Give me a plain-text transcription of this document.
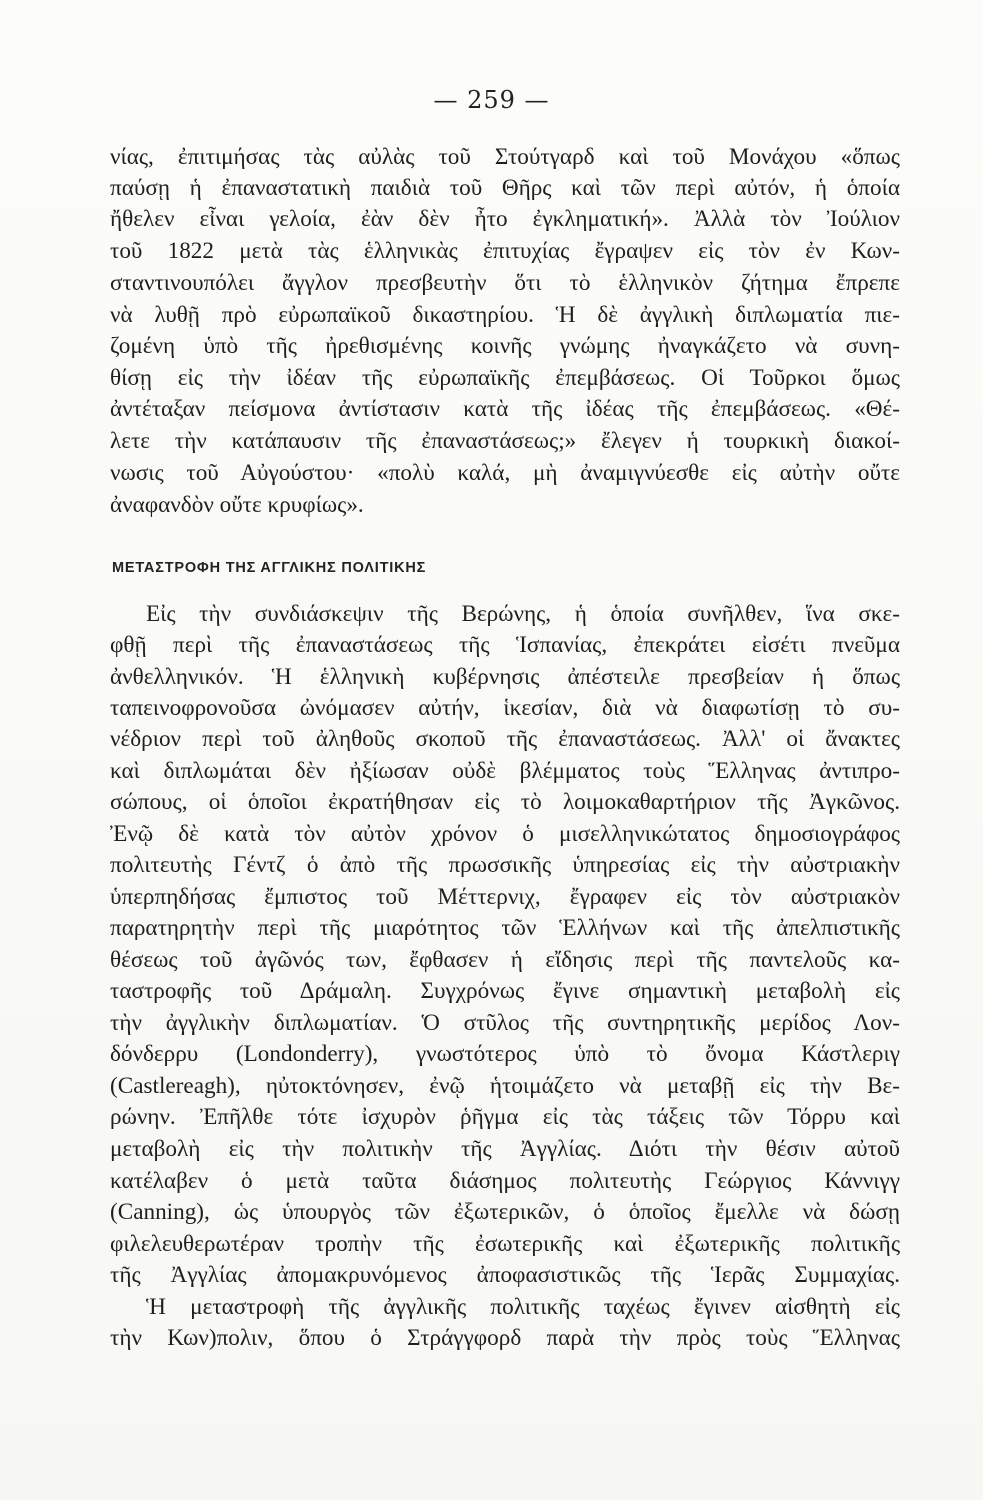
— 259 —
νίας, ἐπιτιμήσας τὰς αὐλὰς τοῦ Στούτγαρδ καὶ τοῦ Μονάχου «ὅπως
παύσῃ ἡ ἐπαναστατικὴ παιδιὰ τοῦ Θῆρς καὶ τῶν περὶ αὐτόν, ἡ ὁποία
ἤθελεν εἶναι γελοία, ἐὰν δὲν ἦτο ἐγκληματική». Ἀλλὰ τὸν Ἰούλιον
τοῦ 1822 μετὰ τὰς ἑλληνικὰς ἐπιτυχίας ἔγραψεν εἰς τὸν ἐν Κων-
σταντινουπόλει ἄγγλον πρεσβευτὴν ὅτι τὸ ἑλληνικὸν ζήτημα ἔπρεπε
νὰ λυθῇ πρὸ εὐρωπαϊκοῦ δικαστηρίου. Ἡ δὲ ἀγγλικὴ διπλωματία πιε-
ζομένη ὑπὸ τῆς ἠρεθισμένης κοινῆς γνώμης ἠναγκάζετο νὰ συνη-
θίσῃ εἰς τὴν ἰδέαν τῆς εὐρωπαϊκῆς ἐπεμβάσεως. Οἱ Τοῦρκοι ὅμως
ἀντέταξαν πείσμονα ἀντίστασιν κατὰ τῆς ἰδέας τῆς ἐπεμβάσεως. «Θέ-
λετε τὴν κατάπαυσιν τῆς ἐπαναστάσεως;» ἔλεγεν ἡ τουρκικὴ διακοί-
νωσις τοῦ Αὐγούστου· «πολὺ καλά, μὴ ἀναμιγνύεσθε εἰς αὐτὴν οὔτε
ἀναφανδὸν οὔτε κρυφίως».
ΜΕΤΑΣΤΡΟΦΗ ΤΗΣ ΑΓΓΛΙΚΗΣ ΠΟΛΙΤΙΚΗΣ
Εἰς τὴν συνδιάσκεψιν τῆς Βερώνης, ἡ ὁποία συνῆλθεν, ἵνα σκε-
φθῇ περὶ τῆς ἐπαναστάσεως τῆς Ἱσπανίας, ἐπεκράτει εἰσέτι πνεῦμα
ἀνθελληνικόν. Ἡ ἑλληνικὴ κυβέρνησις ἀπέστειλε πρεσβείαν ἡ ὅπως
ταπεινοφρονοῦσα ὠνόμασεν αὐτήν, ἱκεσίαν, διὰ νὰ διαφωτίσῃ τὸ συ-
νέδριον περὶ τοῦ ἀληθοῦς σκοποῦ τῆς ἐπαναστάσεως. Ἀλλ' οἱ ἄνακτες
καὶ διπλωμάται δὲν ἠξίωσαν οὐδὲ βλέμματος τοὺς Ἕλληνας ἀντιπρο-
σώπους, οἱ ὁποῖοι ἐκρατήθησαν εἰς τὸ λοιμοκαθαρτήριον τῆς Ἀγκῶνος.
Ἐνῷ δὲ κατὰ τὸν αὐτὸν χρόνον ὁ μισελληνικώτατος δημοσιογράφος
πολιτευτὴς Γέντζ ὁ ἀπὸ τῆς πρωσσικῆς ὑπηρεσίας εἰς τὴν αὐστριακὴν
ὑπερπηδήσας ἔμπιστος τοῦ Μέττερνιχ, ἔγραφεν εἰς τὸν αὐστριακὸν
παρατηρητὴν περὶ τῆς μιαρότητος τῶν Ἑλλήνων καὶ τῆς ἀπελπιστικῆς
θέσεως τοῦ ἀγῶνός των, ἔφθασεν ἡ εἴδησις περὶ τῆς παντελοῦς κα-
ταστροφῆς τοῦ Δράμαλη. Συγχρόνως ἔγινε σημαντικὴ μεταβολὴ εἰς
τὴν ἀγγλικὴν διπλωματίαν. Ὁ στῦλος τῆς συντηρητικῆς μερίδος Λον-
δόνδερρυ (Londonderry), γνωστότερος ὑπὸ τὸ ὄνομα Κάστλεριγ
(Castlereagh), ηὐτοκτόνησεν, ἐνῷ ἡτοιμάζετο νὰ μεταβῇ εἰς τὴν Βε-
ρώνην. Ἐπῆλθε τότε ἰσχυρὸν ῥῆγμα εἰς τὰς τάξεις τῶν Τόρρυ καὶ
μεταβολὴ εἰς τὴν πολιτικὴν τῆς Ἀγγλίας. Διότι τὴν θέσιν αὐτοῦ
κατέλαβεν ὁ μετὰ ταῦτα διάσημος πολιτευτὴς Γεώργιος Κάννιγγ
(Canning), ὡς ὑπουργὸς τῶν ἐξωτερικῶν, ὁ ὁποῖος ἔμελλε νὰ δώσῃ
φιλελευθερωτέραν τροπὴν τῆς ἐσωτερικῆς καὶ ἐξωτερικῆς πολιτικῆς
τῆς Ἀγγλίας ἀπομακρυνόμενος ἀποφασιστικῶς τῆς Ἱερᾶς Συμμαχίας.
Ἡ μεταστροφὴ τῆς ἀγγλικῆς πολιτικῆς ταχέως ἔγινεν αἰσθητὴ εἰς
τὴν Κων)πολιν, ὅπου ὁ Στράγγφορδ παρὰ τὴν πρὸς τοὺς Ἕλληνας
